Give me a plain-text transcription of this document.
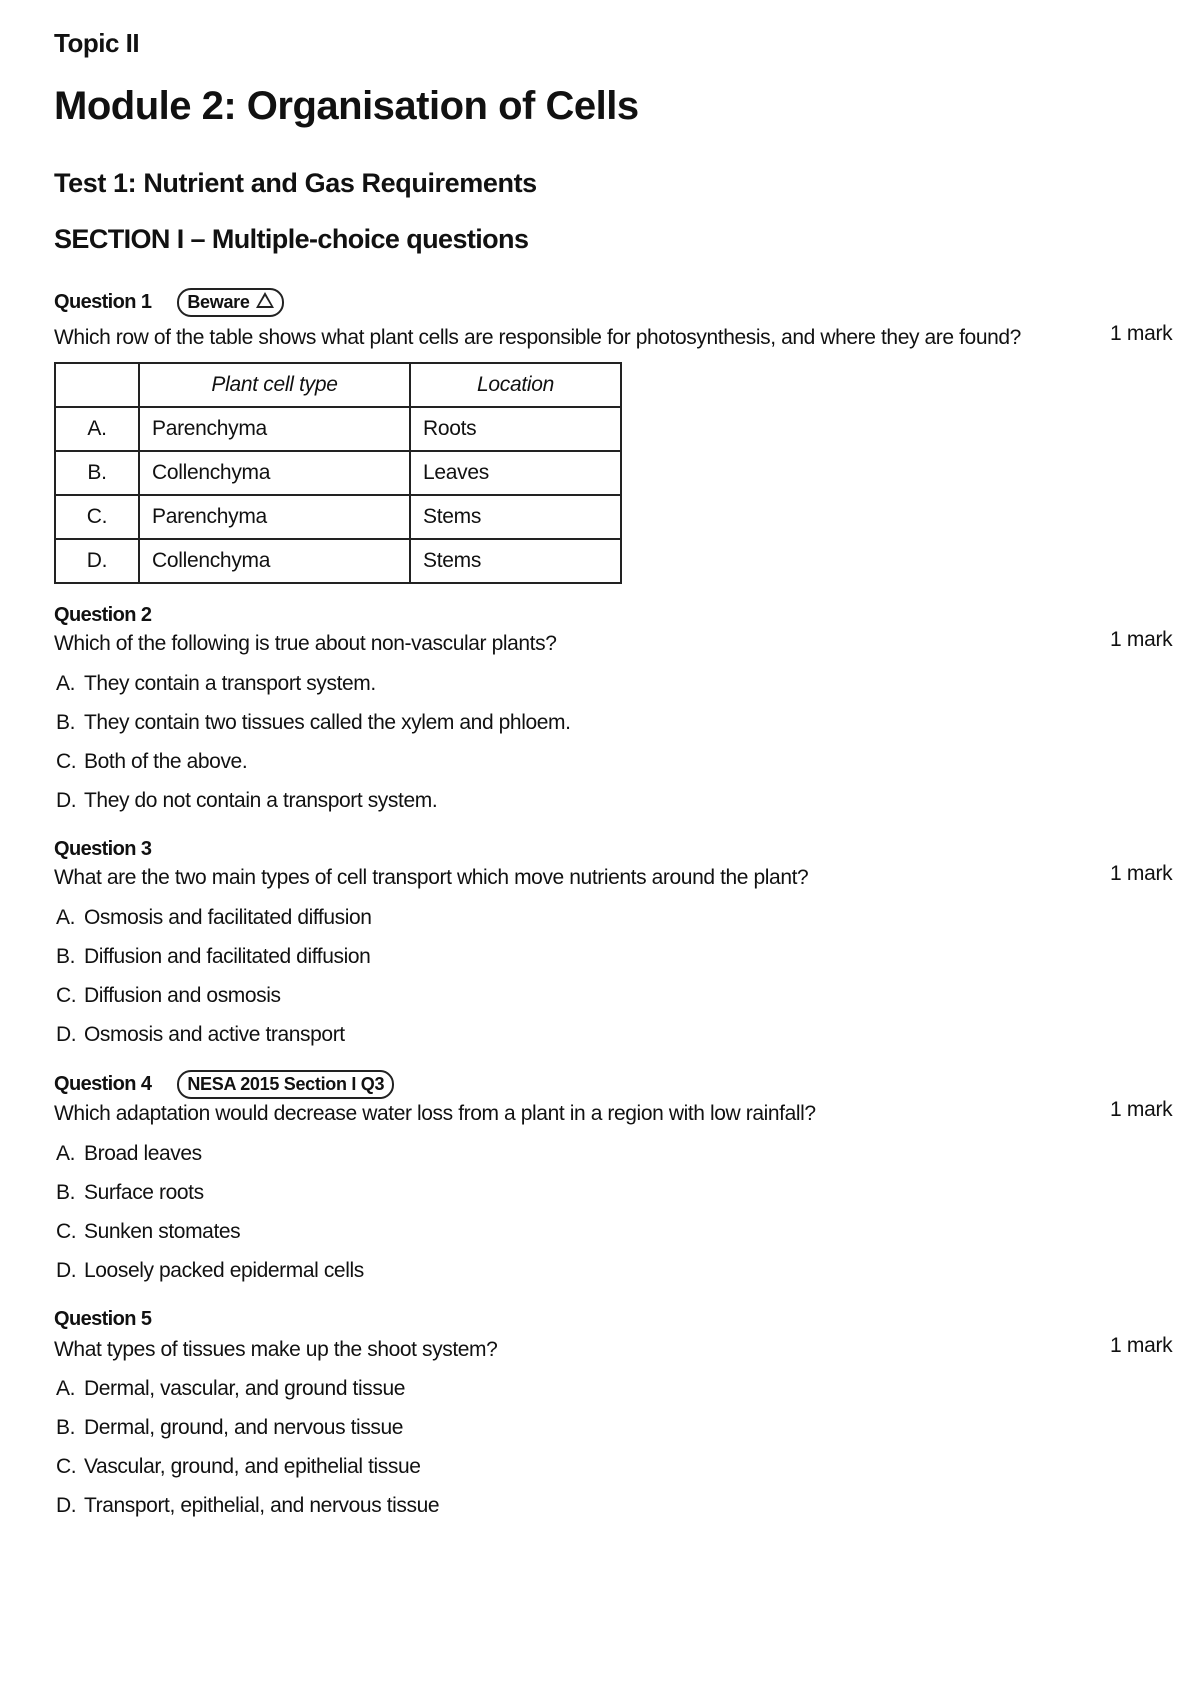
Topic II
Module 2: Organisation of Cells
Test 1: Nutrient and Gas Requirements
SECTION I – Multiple-choice questions
Question 1	Beware
Which row of the table shows what plant cells are responsible for photosynthesis, and where they are found?	1 mark
	Plant cell type	Location
A.	Parenchyma	Roots
B.	Collenchyma	Leaves
C.	Parenchyma	Stems
D.	Collenchyma	Stems
Question 2
Which of the following is true about non-vascular plants?	1 mark
A. They contain a transport system.
B. They contain two tissues called the xylem and phloem.
C. Both of the above.
D. They do not contain a transport system.
Question 3
What are the two main types of cell transport which move nutrients around the plant?	1 mark
A. Osmosis and facilitated diffusion
B. Diffusion and facilitated diffusion
C. Diffusion and osmosis
D. Osmosis and active transport
Question 4	NESA 2015 Section I Q3
Which adaptation would decrease water loss from a plant in a region with low rainfall?	1 mark
A. Broad leaves
B. Surface roots
C. Sunken stomates
D. Loosely packed epidermal cells
Question 5
What types of tissues make up the shoot system?	1 mark
A. Dermal, vascular, and ground tissue
B. Dermal, ground, and nervous tissue
C. Vascular, ground, and epithelial tissue
D. Transport, epithelial, and nervous tissue
